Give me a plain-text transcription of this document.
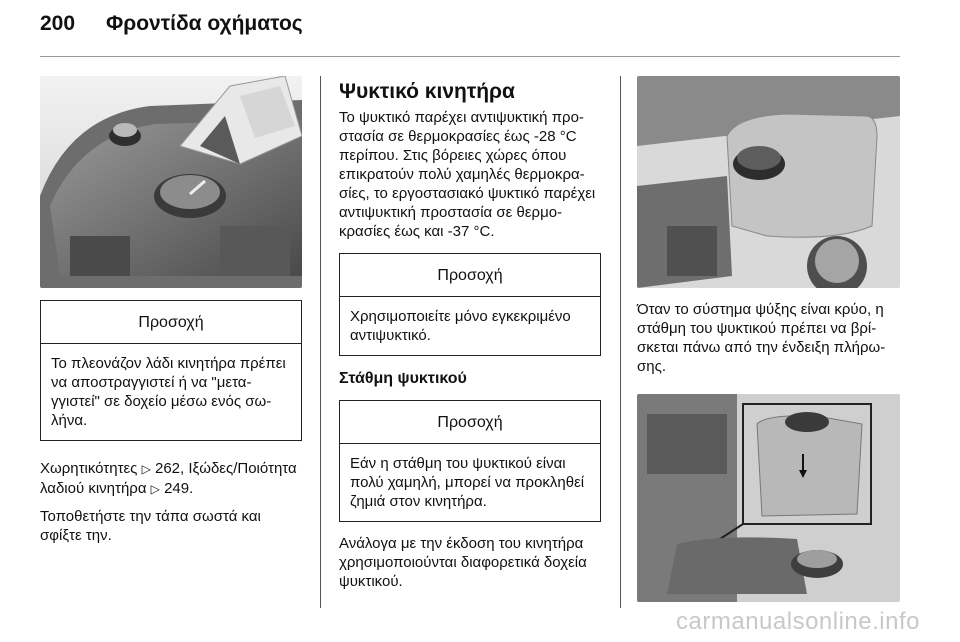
200	Φροντίδα οχήματος
Προσοχή
Το πλεονάζον λάδι κινητήρα πρέπει να αποστραγγιστεί ή να "μεταγγιστεί" σε δοχείο μέσω ενός σωλήνα.

Χωρητικότητες ▷ 262, Ιξώδες/Ποιότητα λαδιού κινητήρα ▷ 249.

Τοποθετήστε την τάπα σωστά και σφίξτε την.

Ψυκτικό κινητήρα

Το ψυκτικό παρέχει αντιψυκτική προστασία σε θερμοκρασίες έως -28 °C περίπου. Στις βόρειες χώρες όπου επικρατούν πολύ χαμηλές θερμοκρασίες, το εργοστασιακό ψυκτικό παρέχει αντιψυκτική προστασία σε θερμοκρασίες έως και -37 °C.

Προσοχή
Χρησιμοποιείτε μόνο εγκεκριμένο αντιψυκτικό.
Στάθμη ψυκτικού
Προσοχή
Εάν η στάθμη του ψυκτικού είναι πολύ χαμηλή, μπορεί να προκληθεί ζημιά στον κινητήρα.

Ανάλογα με την έκδοση του κινητήρα χρησιμοποιούνται διαφορετικά δοχεία ψυκτικού.

Όταν το σύστημα ψύξης είναι κρύο, η στάθμη του ψυκτικού πρέπει να βρίσκεται πάνω από την ένδειξη πλήρωσης.

carmanualsonline.info
